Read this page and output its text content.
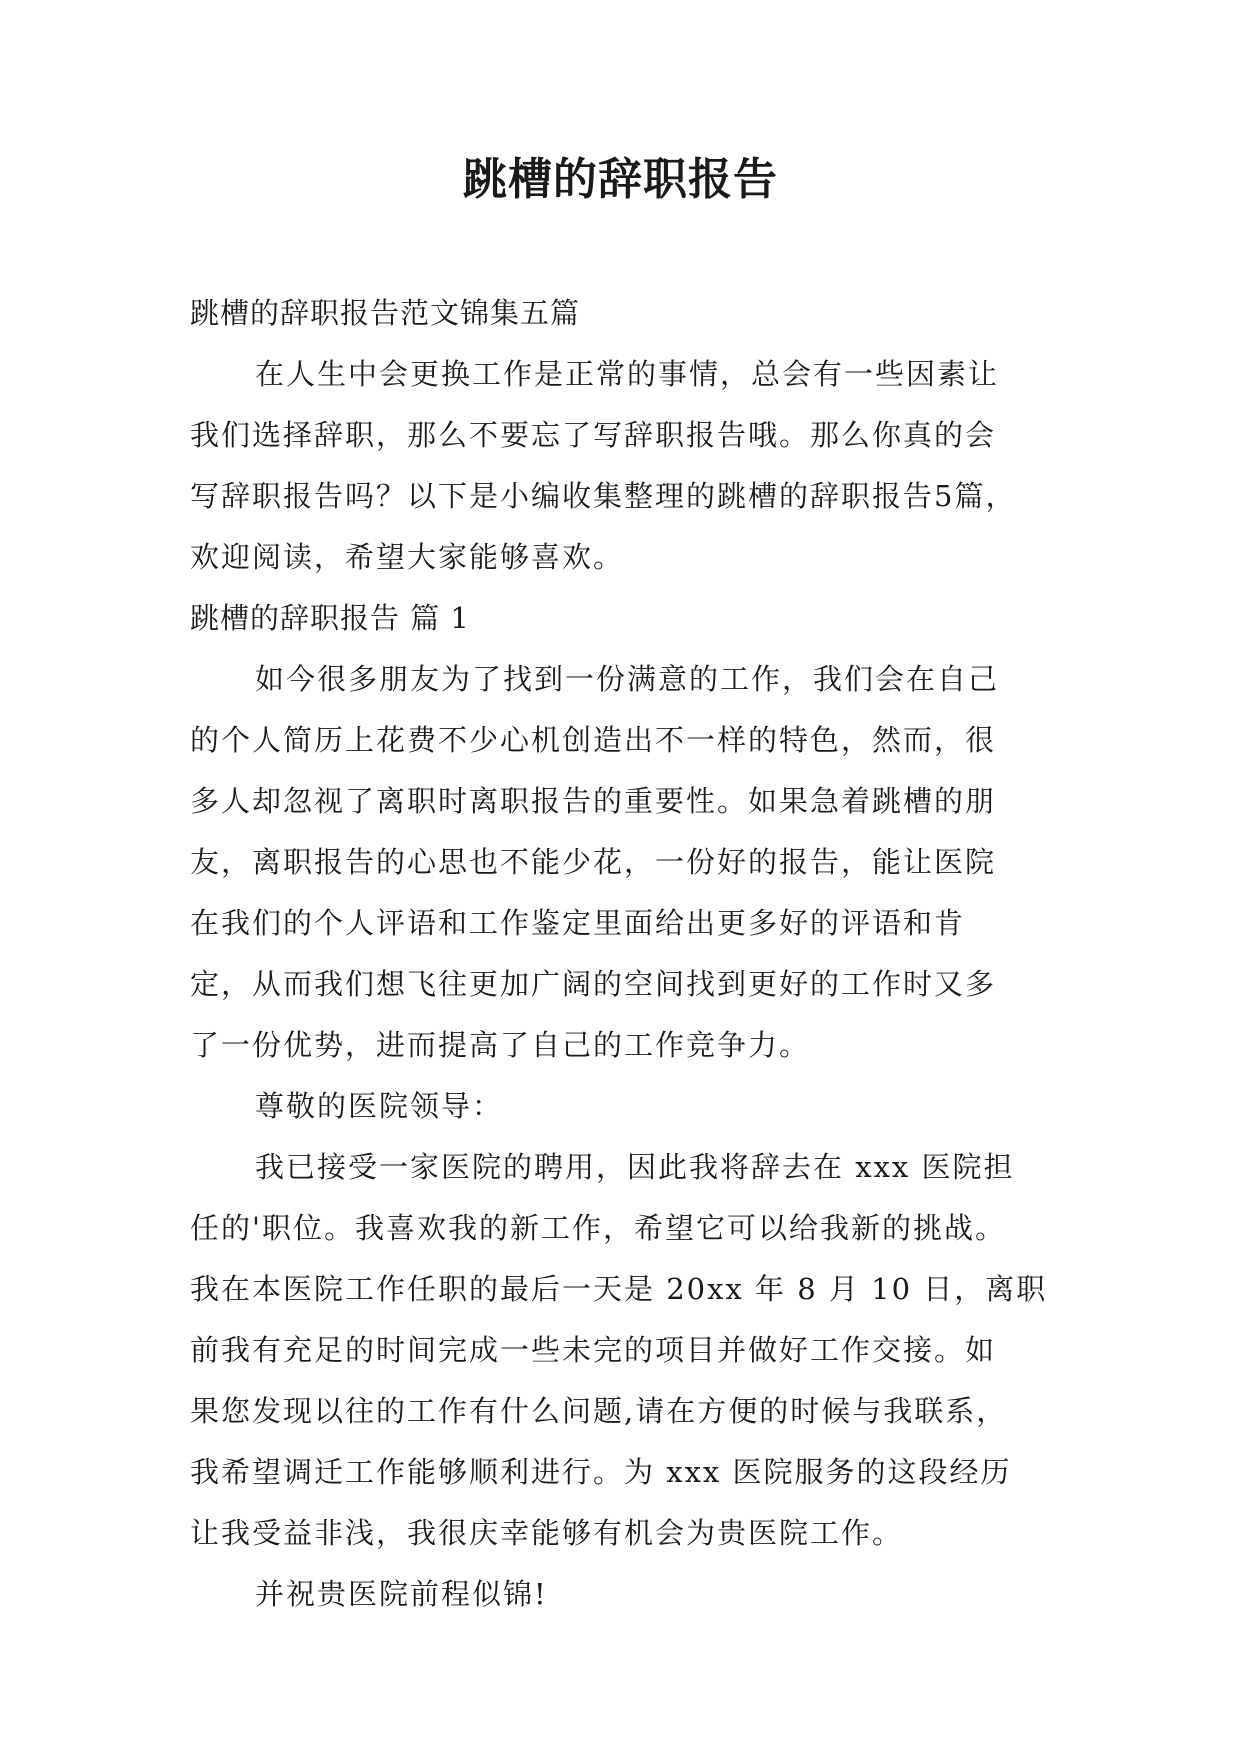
跳槽的辞职报告
跳槽的辞职报告范文锦集五篇
在人生中会更换工作是正常的事情，总会有一些因素让
我们选择辞职，那么不要忘了写辞职报告哦。那么你真的会
写辞职报告吗？以下是小编收集整理的跳槽的辞职报告5篇，
欢迎阅读，希望大家能够喜欢。
跳槽的辞职报告 篇 1
如今很多朋友为了找到一份满意的工作，我们会在自己
的个人简历上花费不少心机创造出不一样的特色，然而，很
多人却忽视了离职时离职报告的重要性。如果急着跳槽的朋
友，离职报告的心思也不能少花，一份好的报告，能让医院
在我们的个人评语和工作鉴定里面给出更多好的评语和肯
定，从而我们想飞往更加广阔的空间找到更好的工作时又多
了一份优势，进而提高了自己的工作竞争力。
尊敬的医院领导：
我已接受一家医院的聘用，因此我将辞去在 xxx 医院担
任的'职位。我喜欢我的新工作，希望它可以给我新的挑战。
我在本医院工作任职的最后一天是 20xx 年 8 月 10 日，离职
前我有充足的时间完成一些未完的项目并做好工作交接。如
果您发现以往的工作有什么问题,请在方便的时候与我联系，
我希望调迁工作能够顺利进行。为 xxx 医院服务的这段经历
让我受益非浅，我很庆幸能够有机会为贵医院工作。
并祝贵医院前程似锦!
